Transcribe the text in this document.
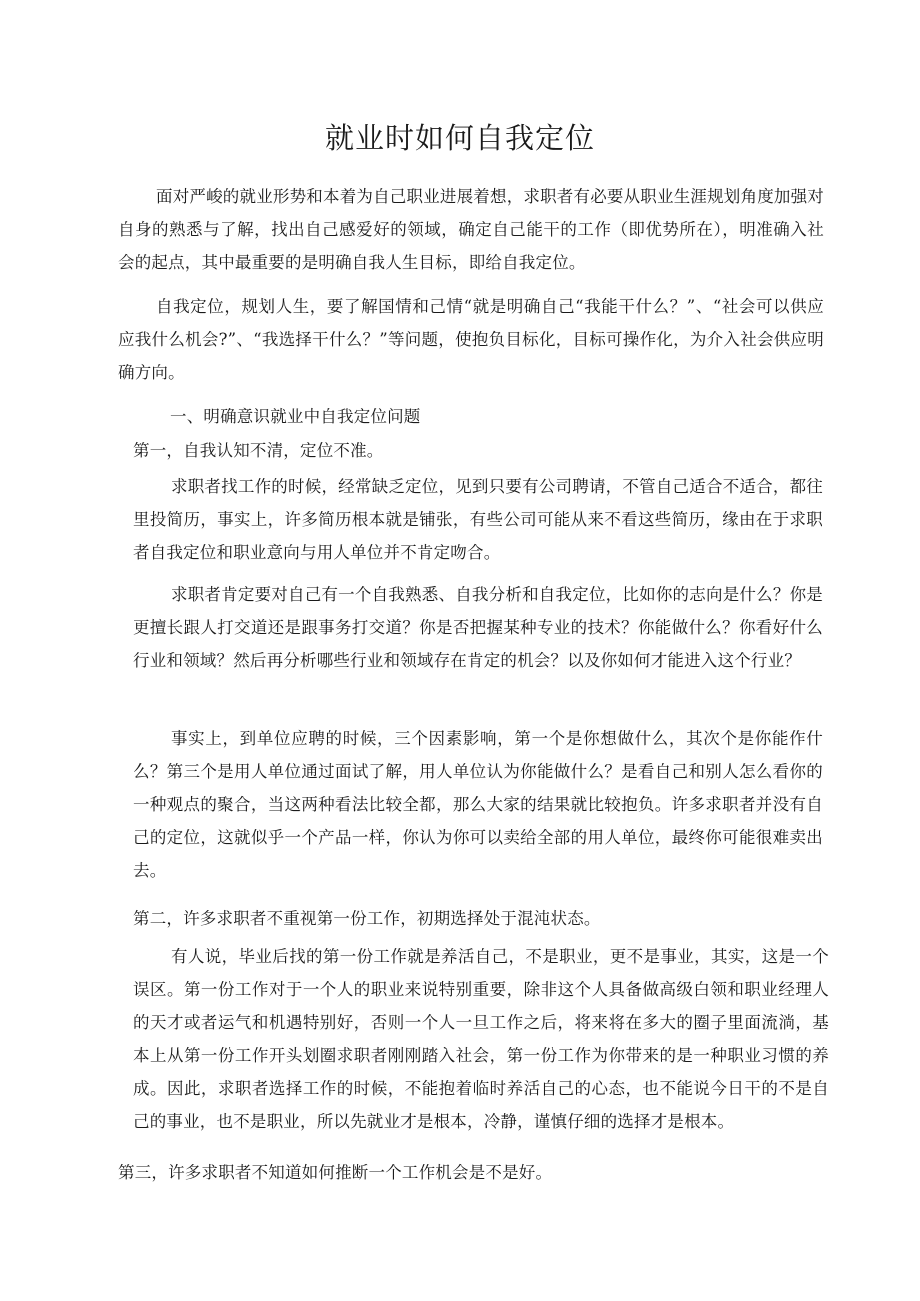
就业时如何自我定位

面对严峻的就业形势和本着为自己职业进展着想，求职者有必要从职业生涯规划角度加强对自身的熟悉与了解，找出自己感爱好的领域，确定自己能干的工作（即优势所在），明准确入社会的起点，其中最重要的是明确自我人生目标，即给自我定位。

自我定位，规划人生，要了解国情和己情“就是明确自己“我能干什么？”、“社会可以供应应我什么机会?”、“我选择干什么？”等问题，使抱负目标化，目标可操作化，为介入社会供应明确方向。

一、明确意识就业中自我定位问题

第一，自我认知不清，定位不准。

求职者找工作的时候，经常缺乏定位，见到只要有公司聘请，不管自己适合不适合，都往里投简历，事实上，许多简历根本就是铺张，有些公司可能从来不看这些简历，缘由在于求职者自我定位和职业意向与用人单位并不肯定吻合。

求职者肯定要对自己有一个自我熟悉、自我分析和自我定位，比如你的志向是什么？你是更擅长跟人打交道还是跟事务打交道？你是否把握某种专业的技术？你能做什么？你看好什么行业和领域？然后再分析哪些行业和领域存在肯定的机会？以及你如何才能进入这个行业？

事实上，到单位应聘的时候，三个因素影响，第一个是你想做什么，其次个是你能作什么？第三个是用人单位通过面试了解，用人单位认为你能做什么？是看自己和别人怎么看你的一种观点的聚合，当这两种看法比较全都，那么大家的结果就比较抱负。许多求职者并没有自己的定位，这就似乎一个产品一样，你认为你可以卖给全部的用人单位，最终你可能很难卖出去。

第二，许多求职者不重视第一份工作，初期选择处于混沌状态。

有人说，毕业后找的第一份工作就是养活自己，不是职业，更不是事业，其实，这是一个误区。第一份工作对于一个人的职业来说特别重要，除非这个人具备做高级白领和职业经理人的天才或者运气和机遇特别好，否则一个人一旦工作之后，将来将在多大的圈子里面流淌，基本上从第一份工作开头划圈求职者刚刚踏入社会，第一份工作为你带来的是一种职业习惯的养成。因此，求职者选择工作的时候，不能抱着临时养活自己的心态，也不能说今日干的不是自己的事业，也不是职业，所以先就业才是根本，冷静，谨慎仔细的选择才是根本。

第三，许多求职者不知道如何推断一个工作机会是不是好。
